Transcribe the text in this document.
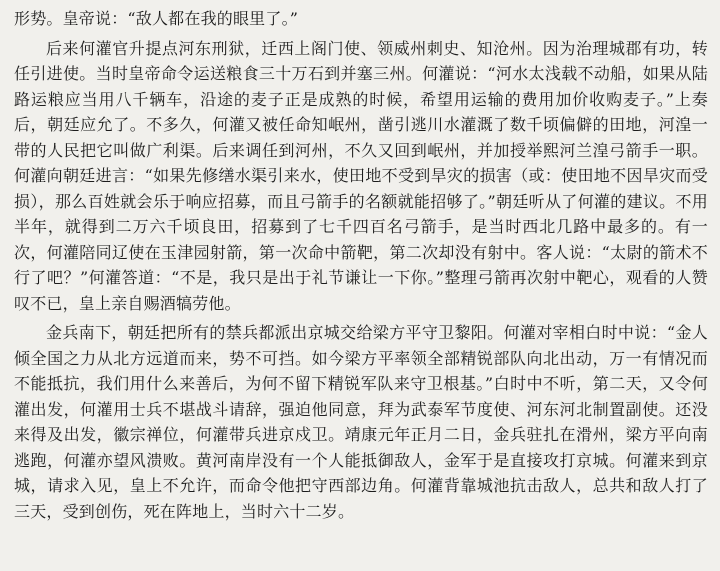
形势。皇帝说：“敌人都在我的眼里了。”

后来何灌官升提点河东刑狱，迁西上阁门使、领威州刺史、知沧州。因为治理城郡有功，转任引进使。当时皇帝命令运送粮食三十万石到并塞三州。何灌说：“河水太浅载不动船，如果从陆路运粮应当用八千辆车，沿途的麦子正是成熟的时候，希望用运输的费用加价收购麦子。”上奏后，朝廷应允了。不多久，何灌又被任命知岷州，凿引逃川水灌溉了数千顷偏僻的田地，河湟一带的人民把它叫做广利渠。后来调任到河州，不久又回到岷州，并加授举熙河兰湟弓箭手一职。何灌向朝廷进言：“如果先修缮水渠引来水，使田地不受到旱灾的损害（或：使田地不因旱灾而受损），那么百姓就会乐于响应招募，而且弓箭手的名额就能招够了。”朝廷听从了何灌的建议。不用半年，就得到二万六千顷良田，招募到了七千四百名弓箭手，是当时西北几路中最多的。有一次，何灌陪同辽使在玉津园射箭，第一次命中箭靶，第二次却没有射中。客人说：“太尉的箭术不行了吧？”何灌答道：“不是，我只是出于礼节谦让一下你。”整理弓箭再次射中靶心，观看的人赞叹不已，皇上亲自赐酒犒劳他。

金兵南下，朝廷把所有的禁兵都派出京城交给梁方平守卫黎阳。何灌对宰相白时中说：“金人倾全国之力从北方远道而来，势不可挡。如今梁方平率领全部精锐部队向北出动，万一有情况而不能抵抗，我们用什么来善后，为何不留下精锐军队来守卫根基。”白时中不听，第二天，又令何灌出发，何灌用士兵不堪战斗请辞，强迫他同意，拜为武泰军节度使、河东河北制置副使。还没来得及出发，徽宗禅位，何灌带兵进京戍卫。靖康元年正月二日，金兵驻扎在滑州，梁方平向南逃跑，何灌亦望风溃败。黄河南岸没有一个人能抵御敌人，金军于是直接攻打京城。何灌来到京城，请求入见，皇上不允许，而命令他把守西部边角。何灌背靠城池抗击敌人，总共和敌人打了三天，受到创伤，死在阵地上，当时六十二岁。
